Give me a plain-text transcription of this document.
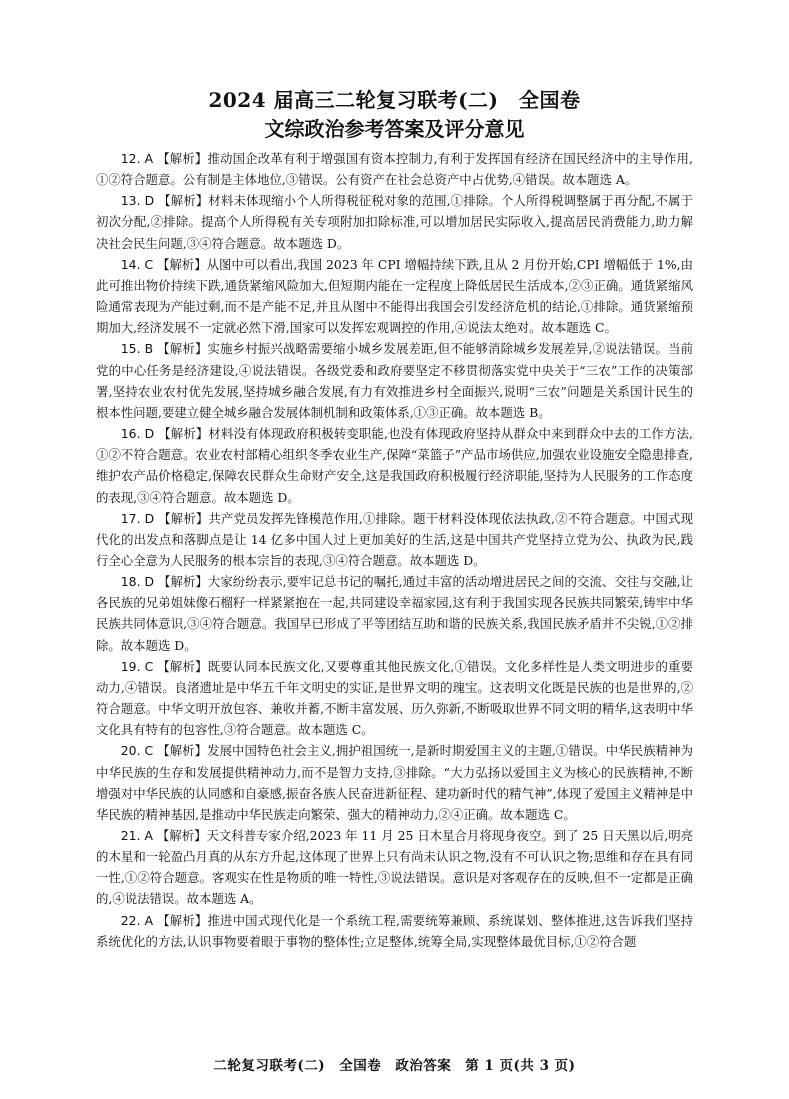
2024 届高三二轮复习联考(二)　全国卷
文综政治参考答案及评分意见

12. A 【解析】推动国企改革有利于增强国有资本控制力,有利于发挥国有经济在国民经济中的主导作用,①②符合题意。公有制是主体地位,③错误。公有资产在社会总资产中占优势,④错误。故本题选 A。

13. D 【解析】材料未体现缩小个人所得税征税对象的范围,①排除。个人所得税调整属于再分配,不属于初次分配,②排除。提高个人所得税有关专项附加扣除标准,可以增加居民实际收入,提高居民消费能力,助力解决社会民生问题,③④符合题意。故本题选 D。

14. C 【解析】从图中可以看出,我国 2023 年 CPI 增幅持续下跌,且从 2 月份开始,CPI 增幅低于 1%,由此可推出物价持续下跌,通货紧缩风险加大,但短期内能在一定程度上降低居民生活成本,②③正确。通货紧缩风险通常表现为产能过剩,而不是产能不足,并且从图中不能得出我国会引发经济危机的结论,①排除。通货紧缩预期加大,经济发展不一定就必然下滑,国家可以发挥宏观调控的作用,④说法太绝对。故本题选 C。

15. B 【解析】实施乡村振兴战略需要缩小城乡发展差距,但不能够消除城乡发展差异,②说法错误。当前党的中心任务是经济建设,④说法错误。各级党委和政府要坚定不移贯彻落实党中央关于“三农”工作的决策部署,坚持农业农村优先发展,坚持城乡融合发展,有力有效推进乡村全面振兴,说明“三农”问题是关系国计民生的根本性问题,要建立健全城乡融合发展体制机制和政策体系,①③正确。故本题选 B。

16. D 【解析】材料没有体现政府积极转变职能,也没有体现政府坚持从群众中来到群众中去的工作方法,①②不符合题意。农业农村部精心组织冬季农业生产,保障“菜篮子”产品市场供应,加强农业设施安全隐患排查,维护农产品价格稳定,保障农民群众生命财产安全,这是我国政府积极履行经济职能,坚持为人民服务的工作态度的表现,③④符合题意。故本题选 D。

17. D 【解析】共产党员发挥先锋模范作用,①排除。题干材料没体现依法执政,②不符合题意。中国式现代化的出发点和落脚点是让 14 亿多中国人过上更加美好的生活,这是中国共产党坚持立党为公、执政为民,践行全心全意为人民服务的根本宗旨的表现,③④符合题意。故本题选 D。

18. D 【解析】大家纷纷表示,要牢记总书记的嘱托,通过丰富的活动增进居民之间的交流、交往与交融,让各民族的兄弟姐妹像石榴籽一样紧紧抱在一起,共同建设幸福家园,这有利于我国实现各民族共同繁荣,铸牢中华民族共同体意识,③④符合题意。我国早已形成了平等团结互助和谐的民族关系,我国民族矛盾并不尖锐,①②排除。故本题选 D。

19. C 【解析】既要认同本民族文化,又要尊重其他民族文化,①错误。文化多样性是人类文明进步的重要动力,④错误。良渚遗址是中华五千年文明史的实证,是世界文明的瑰宝。这表明文化既是民族的也是世界的,②符合题意。中华文明开放包容、兼收并蓄,不断丰富发展、历久弥新,不断吸取世界不同文明的精华,这表明中华文化具有特有的包容性,③符合题意。故本题选 C。

20. C 【解析】发展中国特色社会主义,拥护祖国统一,是新时期爱国主义的主题,①错误。中华民族精神为中华民族的生存和发展提供精神动力,而不是智力支持,③排除。“大力弘扬以爱国主义为核心的民族精神,不断增强对中华民族的认同感和自豪感,振奋各族人民奋进新征程、建功新时代的精气神”,体现了爱国主义精神是中华民族的精神基因,是推动中华民族走向繁荣、强大的精神动力,②④正确。故本题选 C。

21. A 【解析】天文科普专家介绍,2023 年 11 月 25 日木星合月将现身夜空。到了 25 日天黑以后,明亮的木星和一轮盈凸月真的从东方升起,这体现了世界上只有尚未认识之物,没有不可认识之物;思维和存在具有同一性,①②符合题意。客观实在性是物质的唯一特性,③说法错误。意识是对客观存在的反映,但不一定都是正确的,④说法错误。故本题选 A。

22. A 【解析】推进中国式现代化是一个系统工程,需要统筹兼顾、系统谋划、整体推进,这告诉我们坚持系统优化的方法,认识事物要着眼于事物的整体性;立足整体,统筹全局,实现整体最优目标,①②符合题

二轮复习联考(二)　全国卷　政治答案　第 1 页(共 3 页)
